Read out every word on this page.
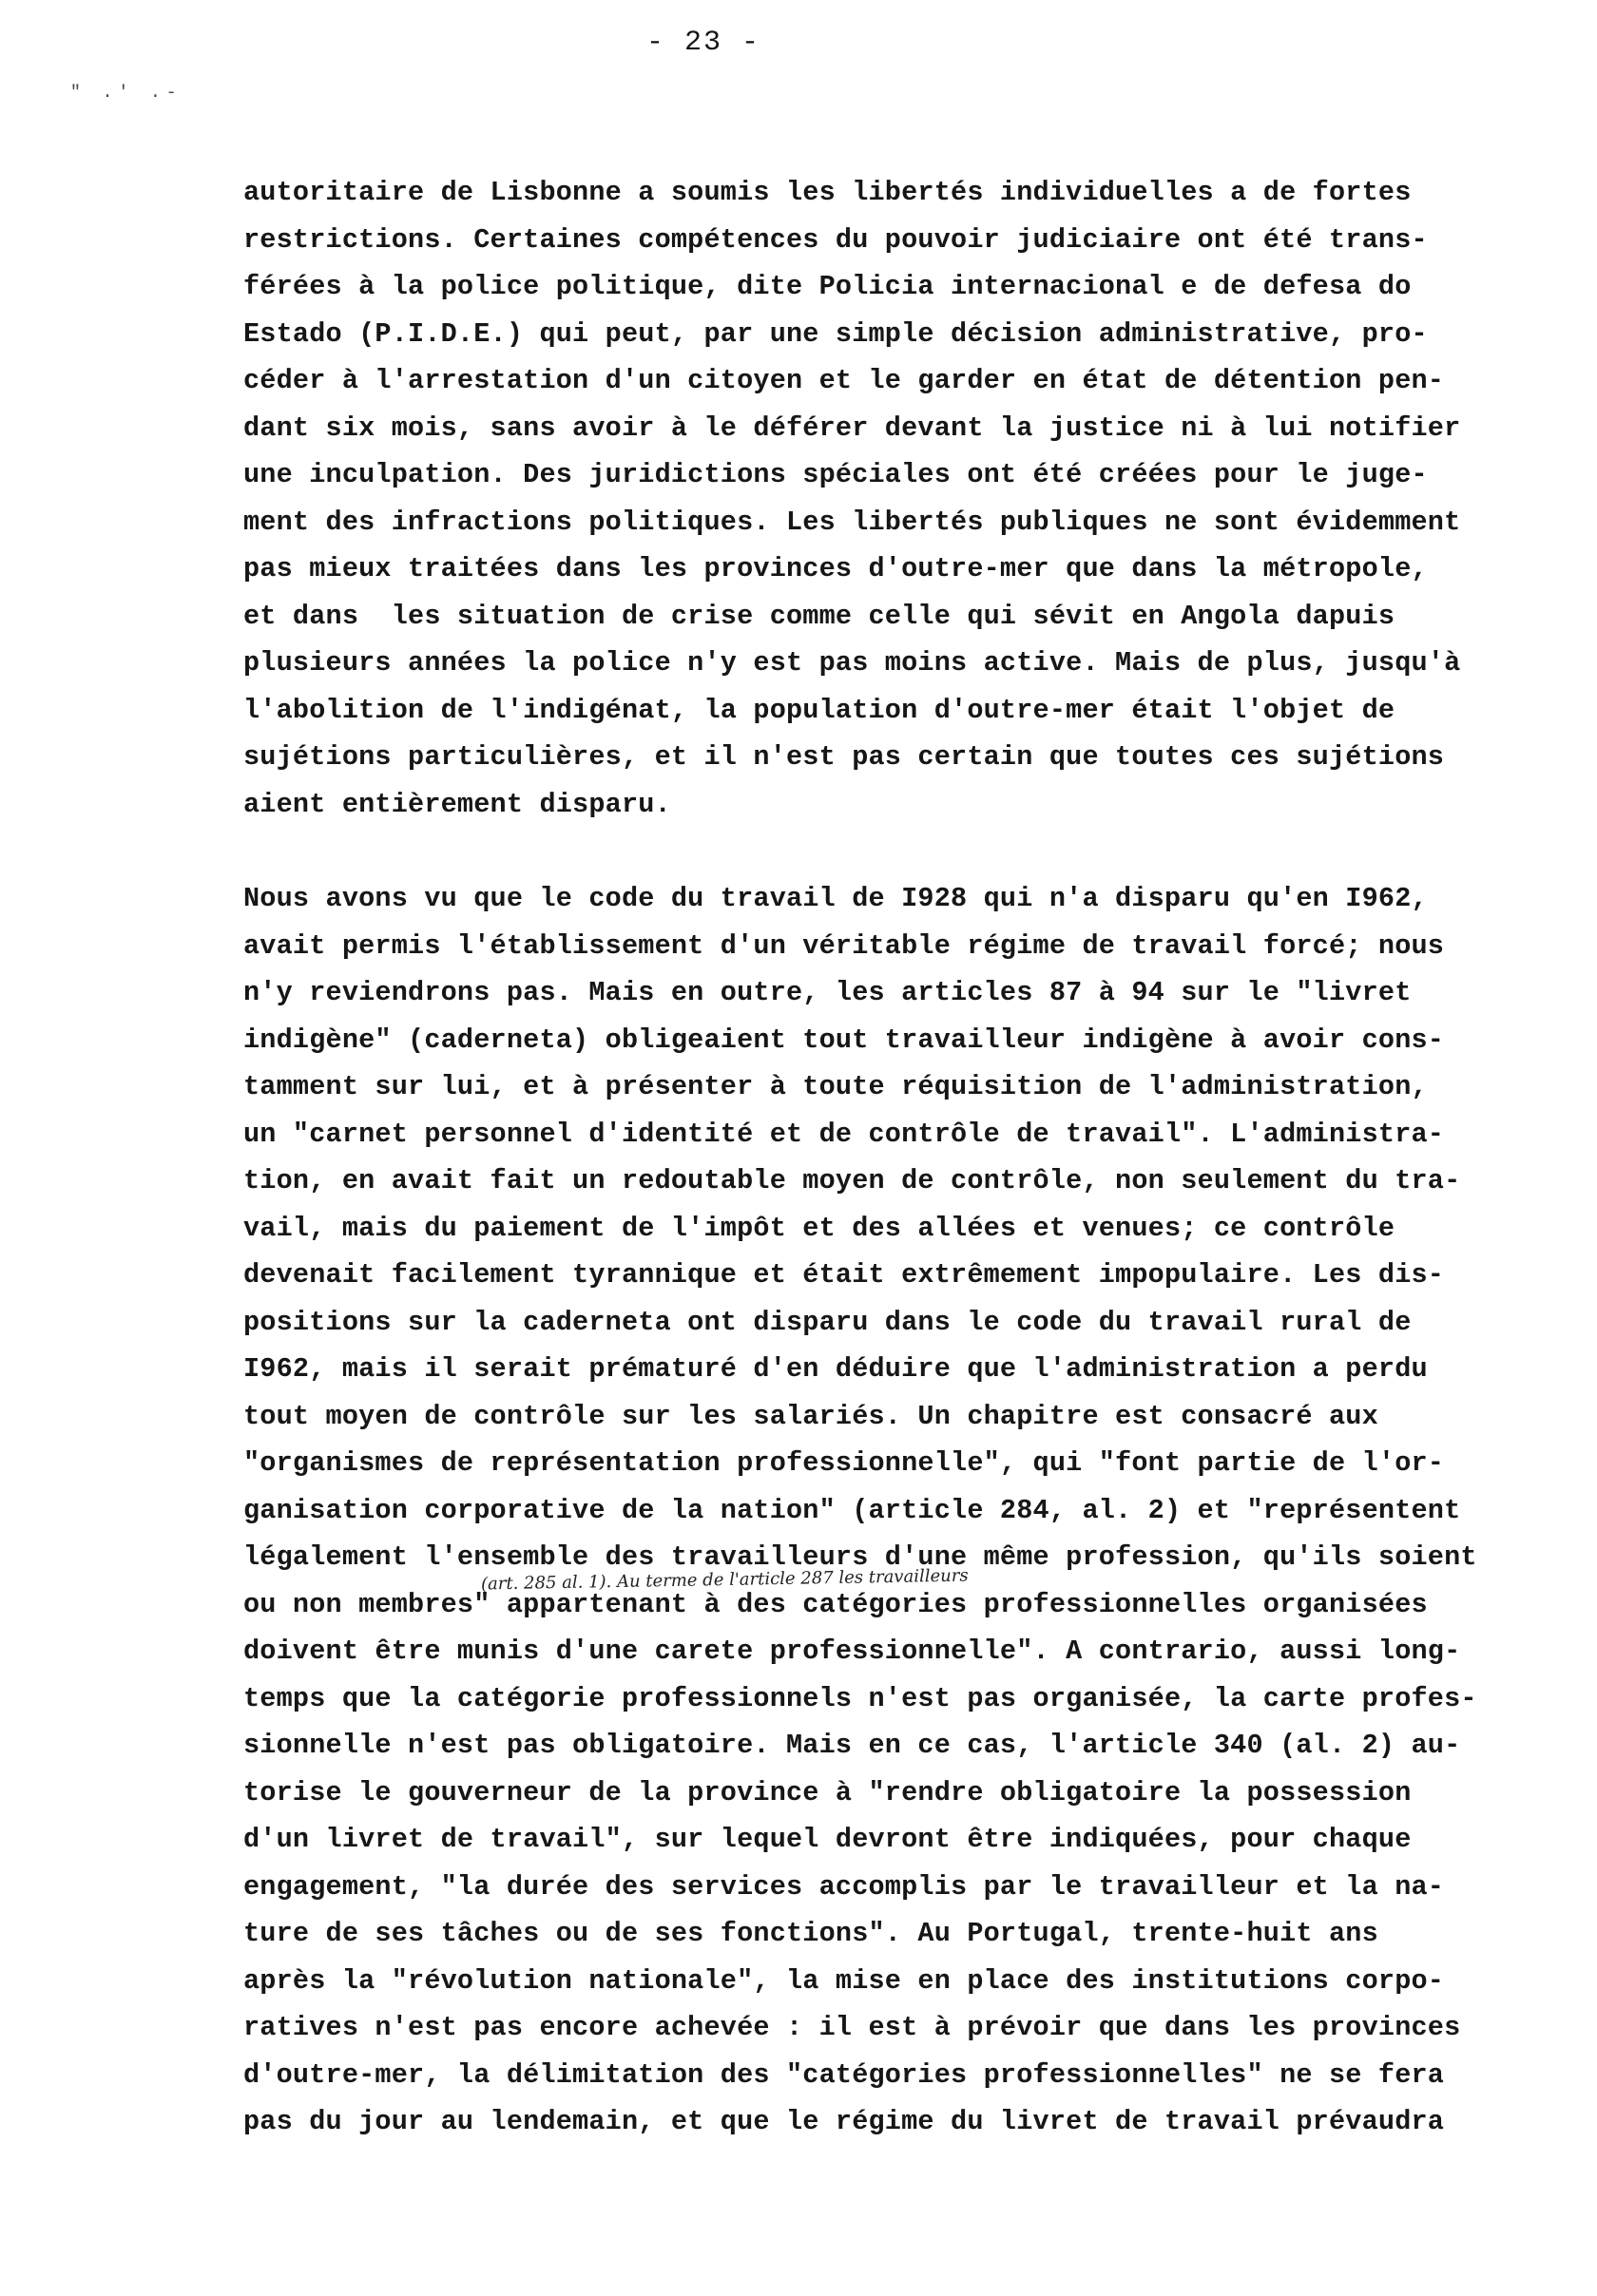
- 23 -
" .' .-
autoritaire de Lisbonne a soumis les libertés individuelles a de fortes
restrictions. Certaines compétences du pouvoir judiciaire ont été trans-
férées à la police politique, dite Policia internacional e de defesa do
Estado (P.I.D.E.) qui peut, par une simple décision administrative, pro-
céder à l'arrestation d'un citoyen et le garder en état de détention pen-
dant six mois, sans avoir à le déférer devant la justice ni à lui notifier
une inculpation. Des juridictions spéciales ont été créées pour le juge-
ment des infractions politiques. Les libertés publiques ne sont évidemment
pas mieux traitées dans les provinces d'outre-mer que dans la métropole,
et dans  les situation de crise comme celle qui sévit en Angola dapuis
plusieurs années la police n'y est pas moins active. Mais de plus, jusqu'à
l'abolition de l'indigénat, la population d'outre-mer était l'objet de
sujétions particulières, et il n'est pas certain que toutes ces sujétions
aient entièrement disparu.
Nous avons vu que le code du travail de I928 qui n'a disparu qu'en I962,
avait permis l'établissement d'un véritable régime de travail forcé; nous
n'y reviendrons pas. Mais en outre, les articles 87 à 94 sur le "livret
indigène" (caderneta) obligeaient tout travailleur indigène à avoir cons-
tamment sur lui, et à présenter à toute réquisition de l'administration,
un "carnet personnel d'identité et de contrôle de travail". L'administra-
tion, en avait fait un redoutable moyen de contrôle, non seulement du tra-
vail, mais du paiement de l'impôt et des allées et venues; ce contrôle
devenait facilement tyrannique et était extrêmement impopulaire. Les dis-
positions sur la caderneta ont disparu dans le code du travail rural de
I962, mais il serait prématuré d'en déduire que l'administration a perdu
tout moyen de contrôle sur les salariés. Un chapitre est consacré aux
"organismes de représentation professionnelle", qui "font partie de l'or-
ganisation corporative de la nation" (article 284, al. 2) et "représentent
légalement l'ensemble des travailleurs d'une même profession, qu'ils soient

(art. 285 al. 1). Au terme de l'article 287 les travailleurs

ou non membres" appartenant à des catégories professionnelles organisées
doivent être munis d'une carete professionnelle". A contrario, aussi long-
temps que la catégorie professionnels n'est pas organisée, la carte profes-
sionnelle n'est pas obligatoire. Mais en ce cas, l'article 340 (al. 2) au-
torise le gouverneur de la province à "rendre obligatoire la possession
d'un livret de travail", sur lequel devront être indiquées, pour chaque
engagement, "la durée des services accomplis par le travailleur et la na-
ture de ses tâches ou de ses fonctions". Au Portugal, trente-huit ans
après la "révolution nationale", la mise en place des institutions corpo-
ratives n'est pas encore achevée : il est à prévoir que dans les provinces
d'outre-mer, la délimitation des "catégories professionnelles" ne se fera
pas du jour au lendemain, et que le régime du livret de travail prévaudra
